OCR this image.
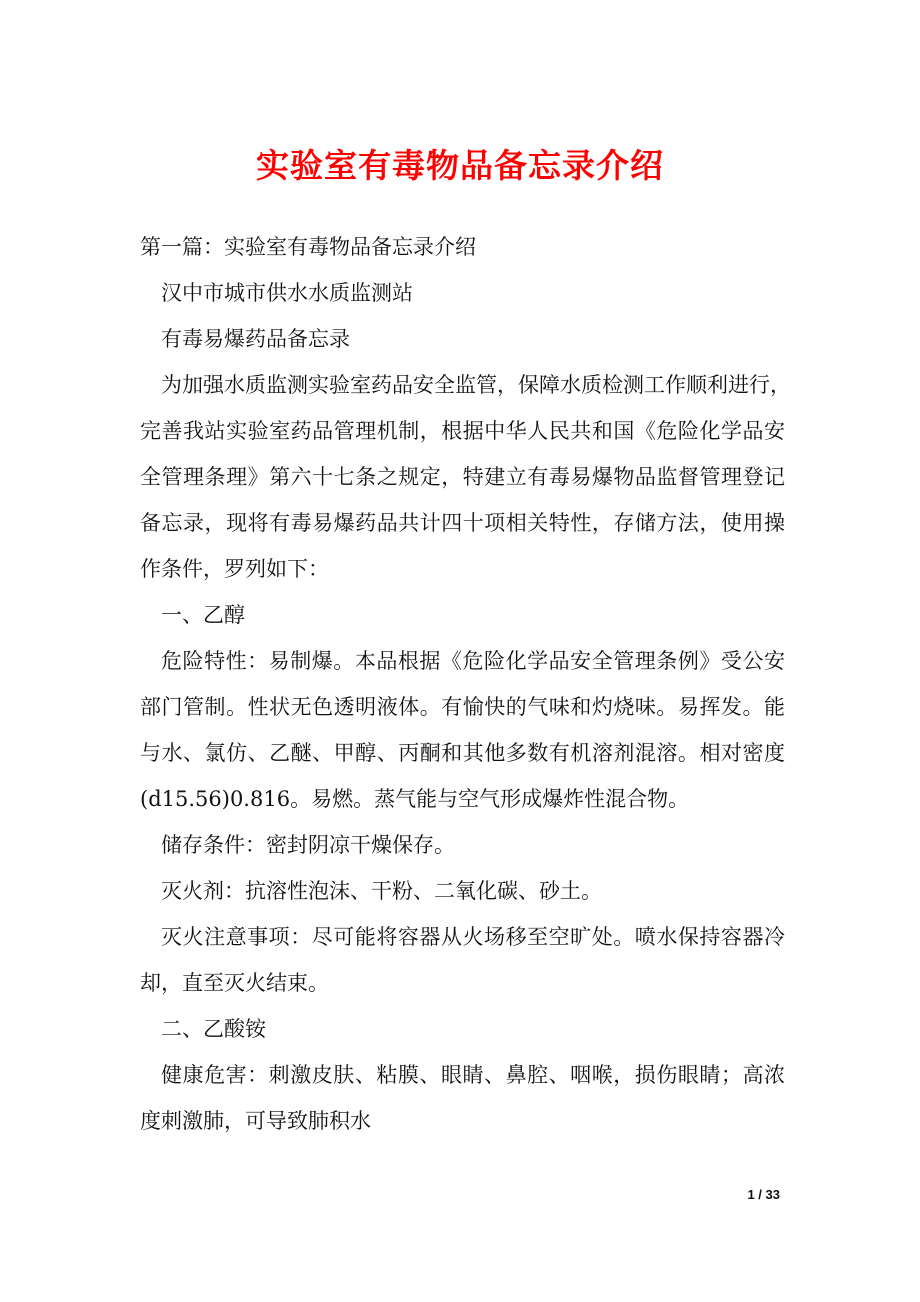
实验室有毒物品备忘录介绍
第一篇：实验室有毒物品备忘录介绍
汉中市城市供水水质监测站
有毒易爆药品备忘录
为加强水质监测实验室药品安全监管，保障水质检测工作顺利进行，
完善我站实验室药品管理机制，根据中华人民共和国《危险化学品安
全管理条理》第六十七条之规定，特建立有毒易爆物品监督管理登记
备忘录，现将有毒易爆药品共计四十项相关特性，存储方法，使用操
作条件，罗列如下：
一、乙醇
危险特性：易制爆。本品根据《危险化学品安全管理条例》受公安
部门管制。性状无色透明液体。有愉快的气味和灼烧味。易挥发。能
与水、氯仿、乙醚、甲醇、丙酮和其他多数有机溶剂混溶。相对密度
(d15.56)0.816。易燃。蒸气能与空气形成爆炸性混合物。
储存条件：密封阴凉干燥保存。
灭火剂：抗溶性泡沫、干粉、二氧化碳、砂土。
灭火注意事项：尽可能将容器从火场移至空旷处。喷水保持容器冷
却，直至灭火结束。
二、乙酸铵
健康危害：刺激皮肤、粘膜、眼睛、鼻腔、咽喉，损伤眼睛；高浓
度刺激肺，可导致肺积水
1 / 33
